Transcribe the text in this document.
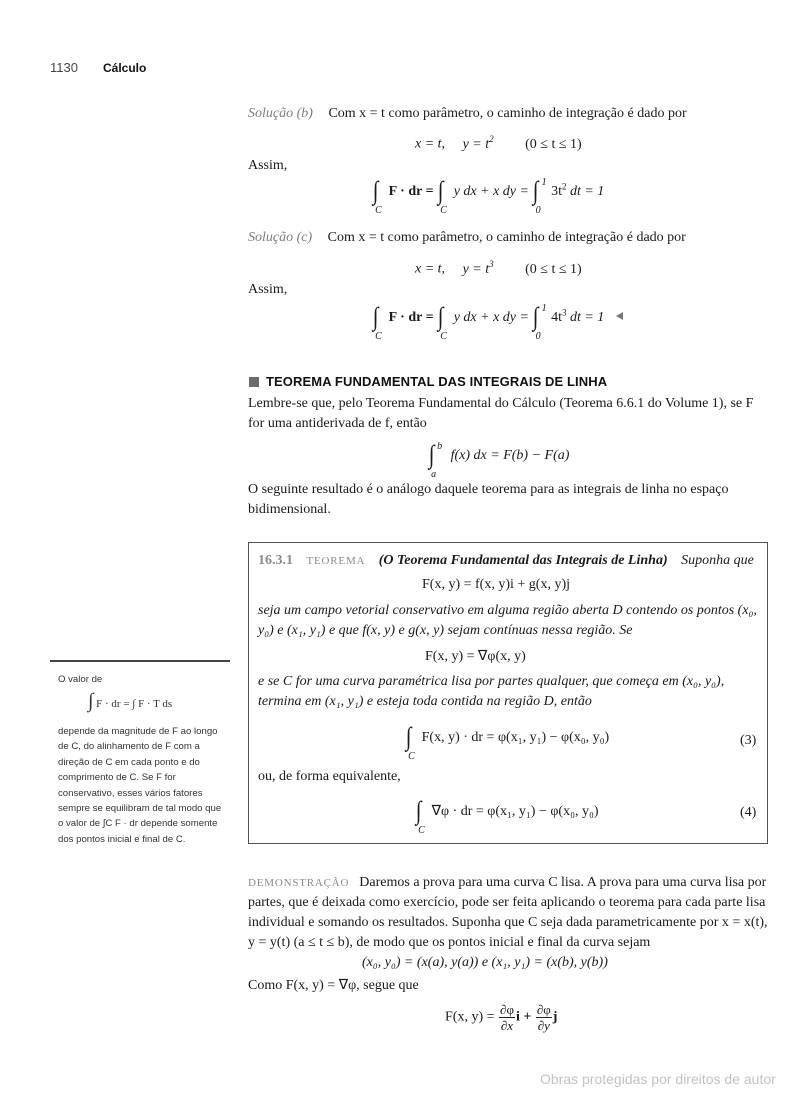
1130 Cálculo
Solução (b) Com x = t como parâmetro, o caminho de integração é dado por
x = t, $y = t^2$ (0 ≤ t ≤ 1)
Assim,
∫
C
F · dr = ∫
C
y dx + x dy = ∫
0
1
$3t^2$ dt = 1
Solução (c) Com x = t como parâmetro, o caminho de integração é dado por
x = t, $y = t^3$ (0 ≤ t ≤ 1)
Assim,
∫
C
F · dr = ∫
C
y dx + x dy = ∫
0
1
$4t^3$ dt = 1
TEOREMA FUNDAMENTAL DAS INTEGRAIS DE LINHA
Lembre-se que, pelo Teorema Fundamental do Cálculo (Teorema 6.6.1 do Volume 1), se F for uma antiderivada de f, então
∫
a
b
f(x) dx = F(b) − F(a)
O seguinte resultado é o análogo daquele teorema para as integrais de linha no espaço bidimensional.
16.3.1 TEOREMA (O Teorema Fundamental das Integrais de Linha) Suponha que
F(x, y) = f(x, y)i + g(x, y)j
seja um campo vetorial conservativo em alguma região aberta D contendo os pontos (x₀, y₀) e (x₁, y₁) e que f(x, y) e g(x, y) sejam contínuas nessa região. Se
F(x, y) = ∇φ(x, y)
e se C for uma curva paramétrica lisa por partes qualquer, que começa em (x₀, y₀), termina em (x₁, y₁) e esteja toda contida na região D, então
∫
C
F(x, y) · dr = φ(x₁, y₁) − φ(x₀, y₀)	(3)
ou, de forma equivalente,
∫
C
∇φ · dr = φ(x₁, y₁) − φ(x₀, y₀)	(4)
O valor de
∫ F · dr = ∫ F · T ds
depende da magnitude de F ao longo de C, do alinhamento de F com a direção de C em cada ponto e do comprimento de C. Se F for conservativo, esses vários fatores sempre se equilibram de tal modo que o valor de ∫C F · dr depende somente dos pontos inicial e final de C.
DEMONSTRAÇÃO Daremos a prova para uma curva C lisa. A prova para uma curva lisa por partes, que é deixada como exercício, pode ser feita aplicando o teorema para cada parte lisa individual e somando os resultados. Suponha que C seja dada parametricamente por x = x(t), y = y(t) (a ≤ t ≤ b), de modo que os pontos inicial e final da curva sejam
(x₀, y₀) = (x(a), y(a)) e (x₁, y₁) = (x(b), y(b))
Como F(x, y) = ∇φ, segue que
F(x, $y) = \frac{\partial\varphi}{\partial x}$ $i + \frac{\partial\varphi}{\partial y}$ j
Obras protegidas por direitos de autor
